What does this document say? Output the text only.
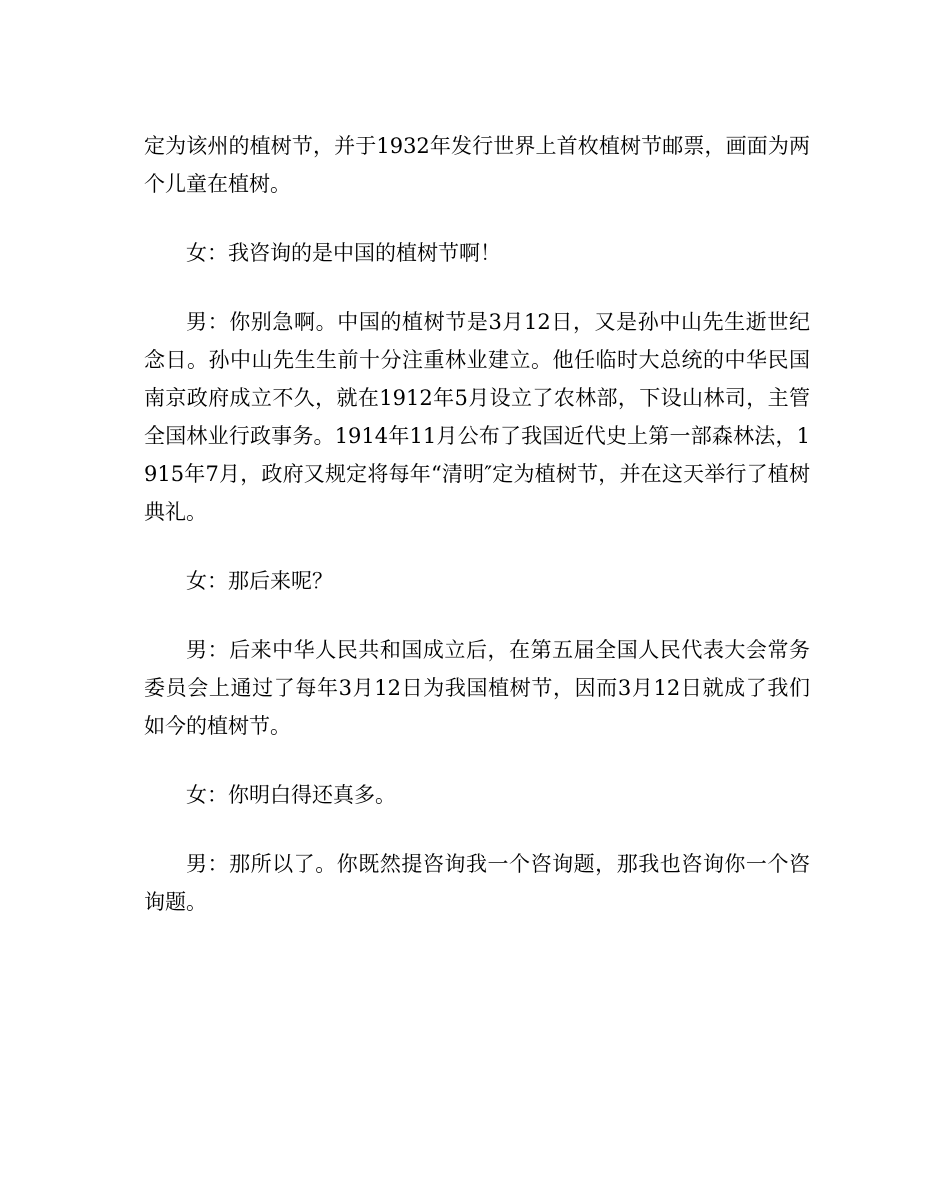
定为该州的植树节，并于1932年发行世界上首枚植树节邮票，画面为两个儿童在植树。

女：我咨询的是中国的植树节啊！

男：你别急啊。中国的植树节是3月12日，又是孙中山先生逝世纪念日。孙中山先生生前十分注重林业建立。他任临时大总统的中华民国南京政府成立不久，就在1912年5月设立了农林部，下设山林司，主管全国林业行政事务。1914年11月公布了我国近代史上第一部森林法，1915年7月，政府又规定将每年“清明″定为植树节，并在这天举行了植树典礼。

女：那后来呢？

男：后来中华人民共和国成立后，在第五届全国人民代表大会常务委员会上通过了每年3月12日为我国植树节，因而3月12日就成了我们如今的植树节。

女：你明白得还真多。

男：那所以了。你既然提咨询我一个咨询题，那我也咨询你一个咨询题。
